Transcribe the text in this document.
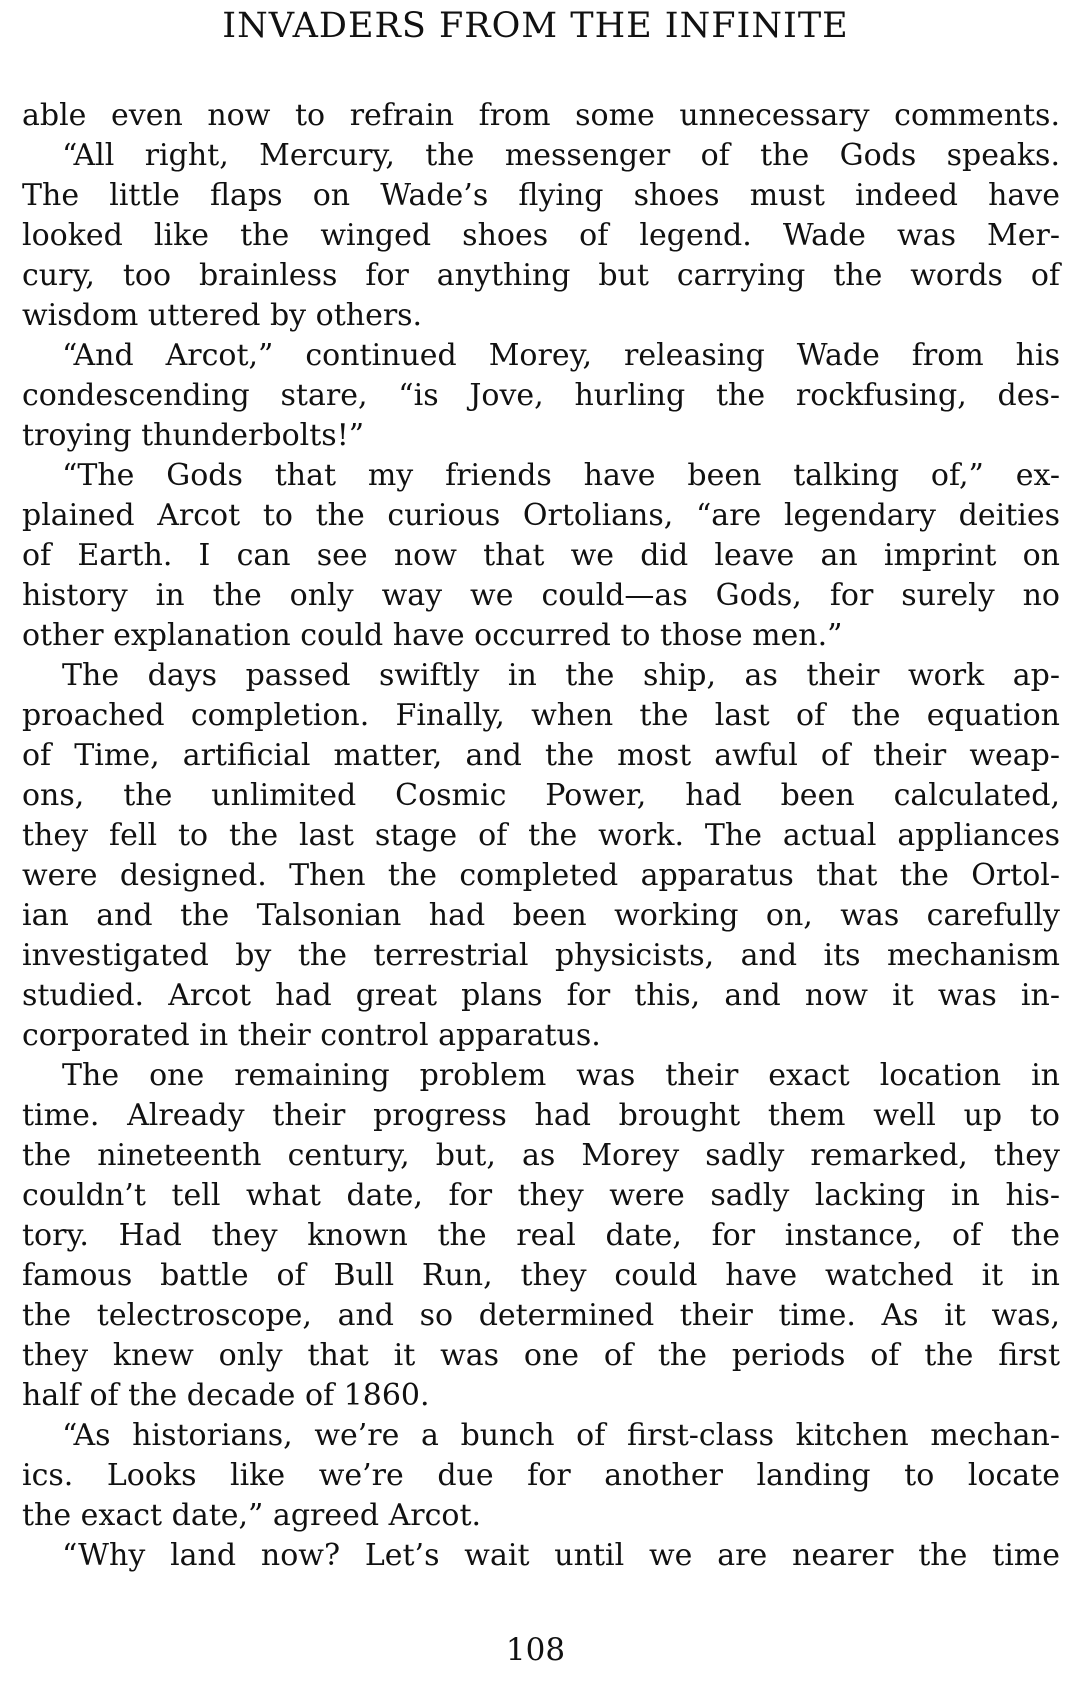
INVADERS FROM THE INFINITE
able even now to refrain from some unnecessary comments.
“All right, Mercury, the messenger of the Gods speaks.
The little flaps on Wade’s flying shoes must indeed have
looked like the winged shoes of legend. Wade was Mer-
cury, too brainless for anything but carrying the words of
wisdom uttered by others.
“And Arcot,” continued Morey, releasing Wade from his
condescending stare, “is Jove, hurling the rockfusing, des-
troying thunderbolts!”
“The Gods that my friends have been talking of,” ex-
plained Arcot to the curious Ortolians, “are legendary deities
of Earth. I can see now that we did leave an imprint on
history in the only way we could—as Gods, for surely no
other explanation could have occurred to those men.”
The days passed swiftly in the ship, as their work ap-
proached completion. Finally, when the last of the equation
of Time, artificial matter, and the most awful of their weap-
ons, the unlimited Cosmic Power, had been calculated,
they fell to the last stage of the work. The actual appliances
were designed. Then the completed apparatus that the Ortol-
ian and the Talsonian had been working on, was carefully
investigated by the terrestrial physicists, and its mechanism
studied. Arcot had great plans for this, and now it was in-
corporated in their control apparatus.
The one remaining problem was their exact location in
time. Already their progress had brought them well up to
the nineteenth century, but, as Morey sadly remarked, they
couldn’t tell what date, for they were sadly lacking in his-
tory. Had they known the real date, for instance, of the
famous battle of Bull Run, they could have watched it in
the telectroscope, and so determined their time. As it was,
they knew only that it was one of the periods of the first
half of the decade of 1860.
“As historians, we’re a bunch of first-class kitchen mechan-
ics. Looks like we’re due for another landing to locate
the exact date,” agreed Arcot.
“Why land now? Let’s wait until we are nearer the time
108
